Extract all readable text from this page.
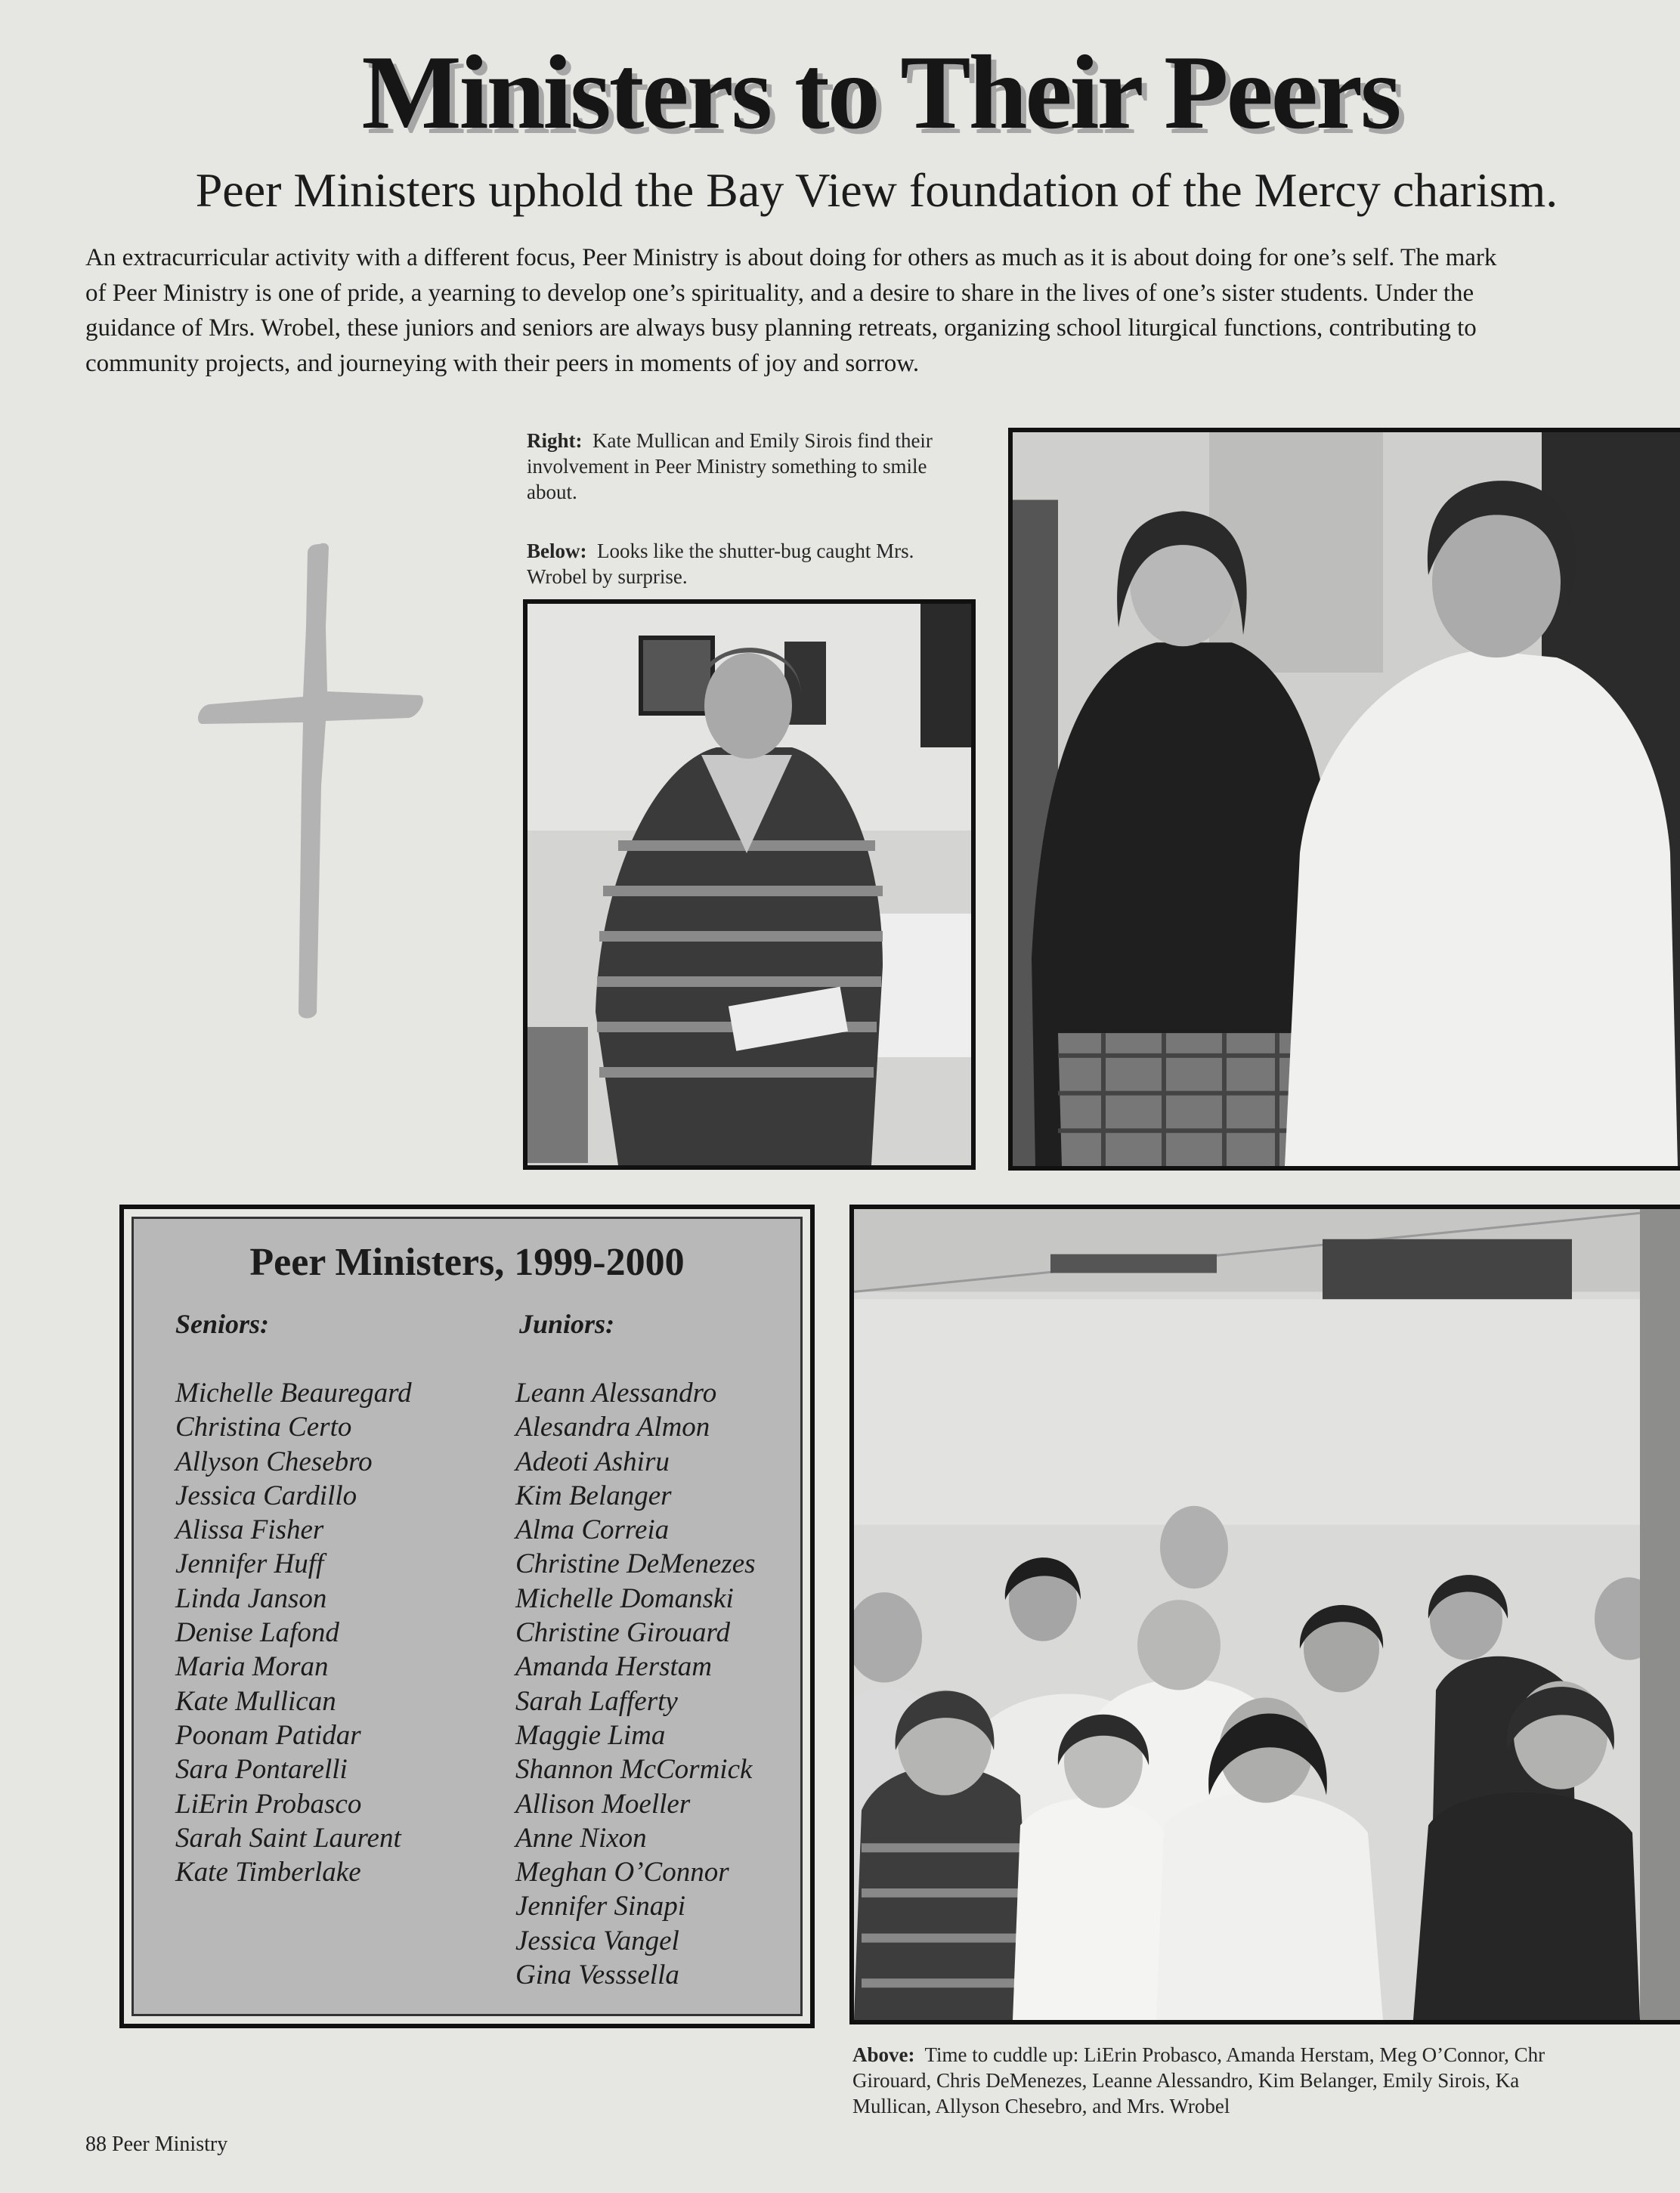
Ministers to Their Peers
Peer Ministers uphold the Bay View foundation of the Mercy charism.
An extracurricular activity with a different focus, Peer Ministry is about doing for others as much as it is about doing for one’s self. The mark
of Peer Ministry is one of pride, a yearning to develop one’s spirituality, and a desire to share in the lives of one’s sister students. Under the
guidance of Mrs. Wrobel, these juniors and seniors are always busy planning retreats, organizing school liturgical functions, contributing to
community projects, and journeying with their peers in moments of joy and sorrow.
Right: Kate Mullican and Emily Sirois find their involvement in Peer Ministry something to smile about.
Below: Looks like the shutter-bug caught Mrs. Wrobel by surprise.
Peer Ministers, 1999-2000
Seniors:	Juniors:
Michelle Beauregard
Christina Certo
Allyson Chesebro
Jessica Cardillo
Alissa Fisher
Jennifer Huff
Linda Janson
Denise Lafond
Maria Moran
Kate Mullican
Poonam Patidar
Sara Pontarelli
LiErin Probasco
Sarah Saint Laurent
Kate Timberlake
Leann Alessandro
Alesandra Almon
Adeoti Ashiru
Kim Belanger
Alma Correia
Christine DeMenezes
Michelle Domanski
Christine Girouard
Amanda Herstam
Sarah Lafferty
Maggie Lima
Shannon McCormick
Allison Moeller
Anne Nixon
Meghan O’Connor
Jennifer Sinapi
Jessica Vangel
Gina Vesssella
Above: Time to cuddle up: LiErin Probasco, Amanda Herstam, Meg O’Connor, Chr
Girouard, Chris DeMenezes, Leanne Alessandro, Kim Belanger, Emily Sirois, Ka
Mullican, Allyson Chesebro, and Mrs. Wrobel
88 Peer Ministry
